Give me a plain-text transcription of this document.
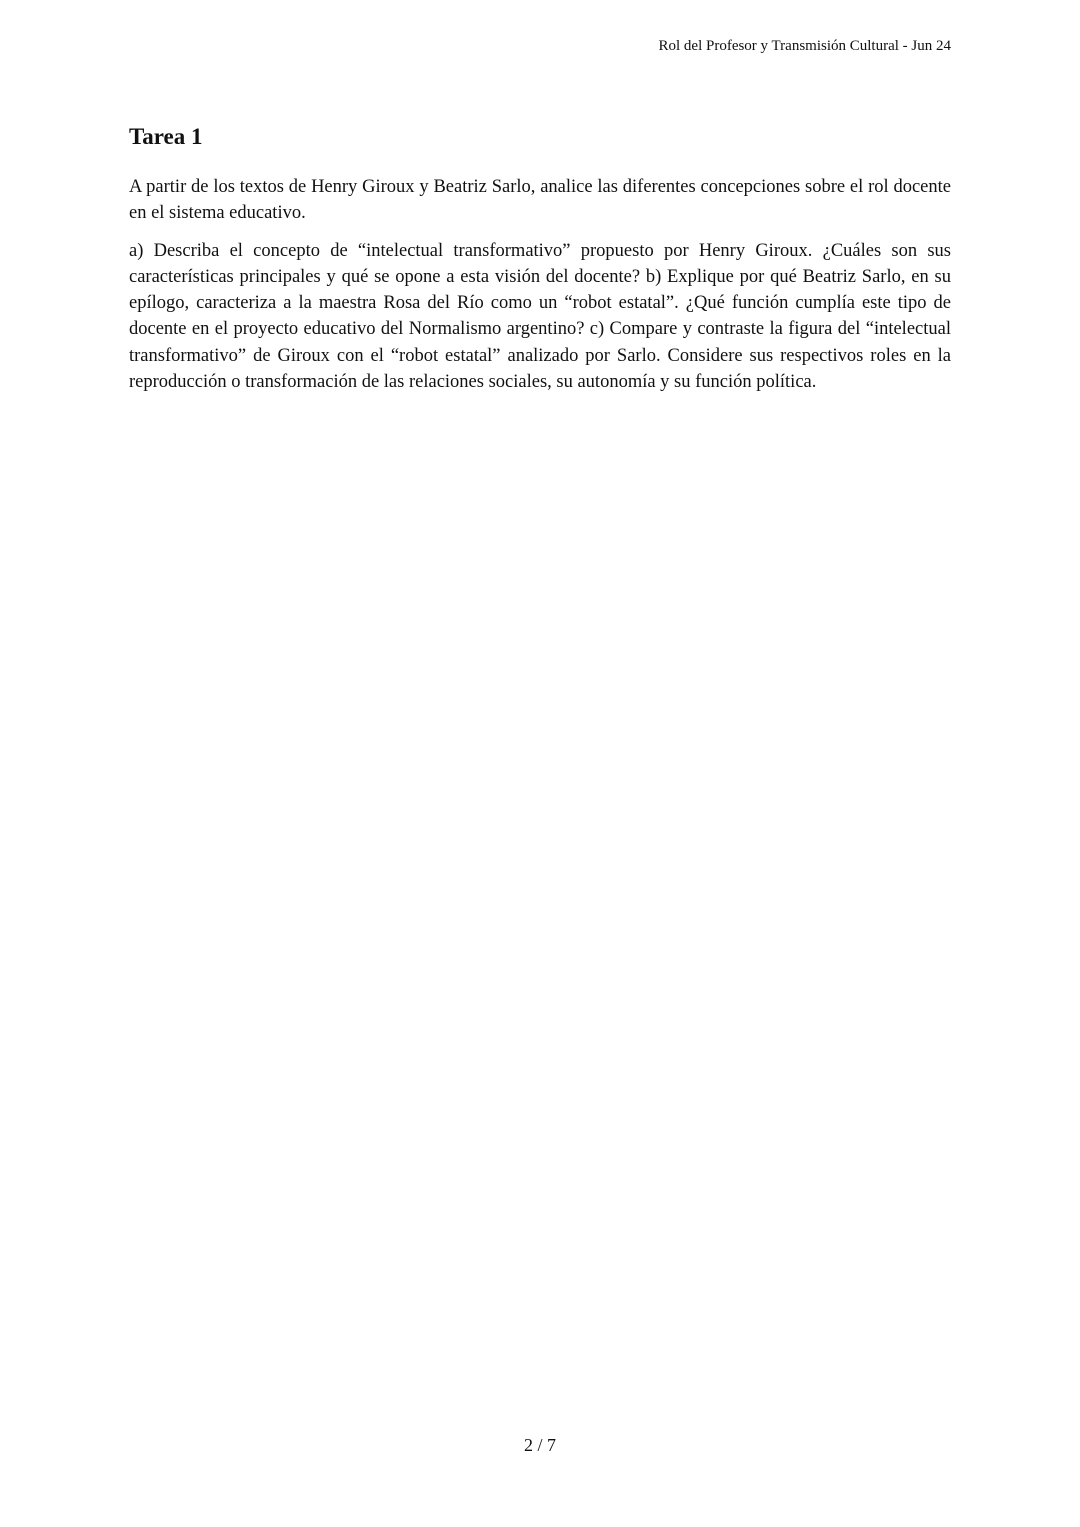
Rol del Profesor y Transmisión Cultural - Jun 24
Tarea 1

A partir de los textos de Henry Giroux y Beatriz Sarlo, analice las diferentes concepciones sobre el rol docente en el sistema educativo.

a) Describa el concepto de “intelectual transformativo” propuesto por Henry Giroux. ¿Cuáles son sus características principales y qué se opone a esta visión del docente? b) Explique por qué Beatriz Sarlo, en su epílogo, caracteriza a la maestra Rosa del Río como un “robot estatal”. ¿Qué función cumplía este tipo de docente en el proyecto educativo del Normalismo argentino? c) Compare y contraste la figura del “intelectual transformativo” de Giroux con el “robot estatal” analizado por Sarlo. Considere sus respectivos roles en la reproducción o transformación de las relaciones sociales, su autonomía y su función política.

2 / 7
